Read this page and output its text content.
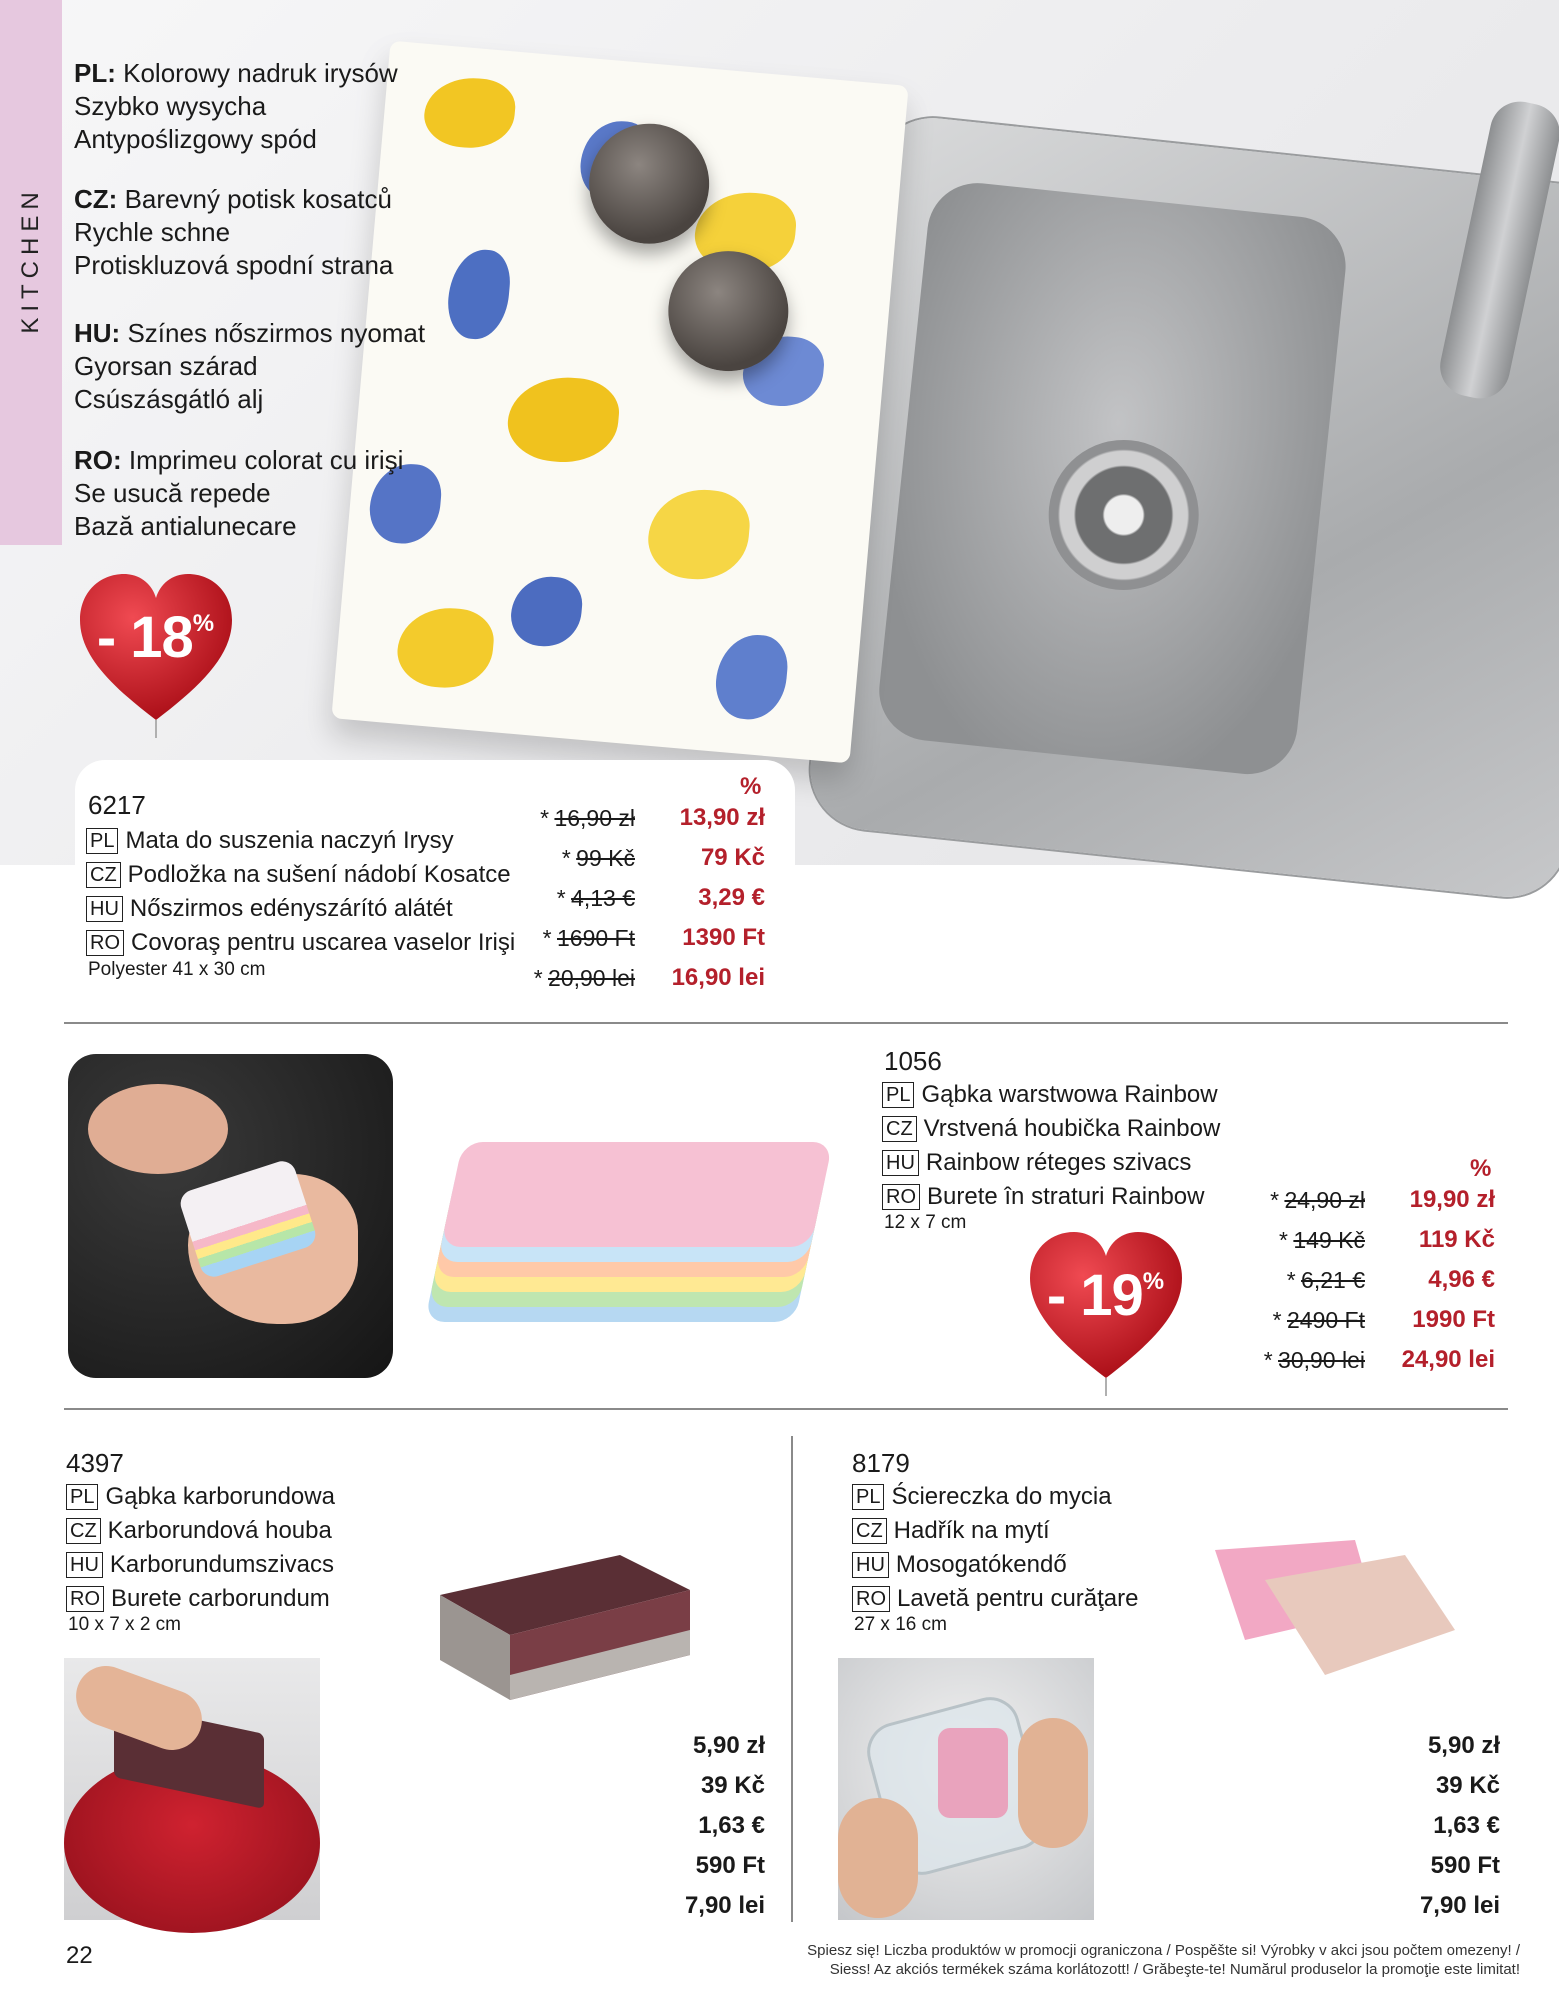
KITCHEN
PL: Kolorowy nadruk irysów
Szybko wysycha
Antypoślizgowy spód
CZ: Barevný potisk kosatců
Rychle schne
Protiskluzová spodní strana
HU: Színes nőszirmos nyomat
Gyorsan szárad
Csúszásgátló alj
RO: Imprimeu colorat cu irişi
Se usucă repede
Bază antialunecare
- 18%
6217
PL Mata do suszenia naczyń Irysy
CZ Podložka na sušení nádobí Kosatce
HU Nőszirmos edényszárító alátét
RO Covoraş pentru uscarea vaselor Irişi
Polyester 41 x 30 cm
%
* 16,90 zł
* 99 Kč
* 4,13 €
* 1690 Ft
* 20,90 lei
13,90 zł
79 Kč
3,29 €
1390 Ft
16,90 lei
1056
PL Gąbka warstwowa Rainbow
CZ Vrstvená houbička Rainbow
HU Rainbow réteges szivacs
RO Burete în straturi Rainbow
12 x 7 cm
- 19%
%
* 24,90 zł
* 149 Kč
* 6,21 €
* 2490 Ft
* 30,90 lei
19,90 zł
119 Kč
4,96 €
1990 Ft
24,90 lei
4397
PL Gąbka karborundowa
CZ Karborundová houba
HU Karborundumszivacs
RO Burete carborundum
10 x 7 x 2 cm
5,90 zł
39 Kč
1,63 €
590 Ft
7,90 lei
8179
PL Ściereczka do mycia
CZ Hadřík na mytí
HU Mosogatókendő
RO Lavetă pentru curăţare
27 x 16 cm
5,90 zł
39 Kč
1,63 €
590 Ft
7,90 lei
22	Spiesz się! Liczba produktów w promocji ograniczona / Pospěšte si! Výrobky v akci jsou počtem omezeny! /
Siess! Az akciós termékek száma korlátozott! / Grăbeşte-te! Numărul produselor la promoţie este limitat!
